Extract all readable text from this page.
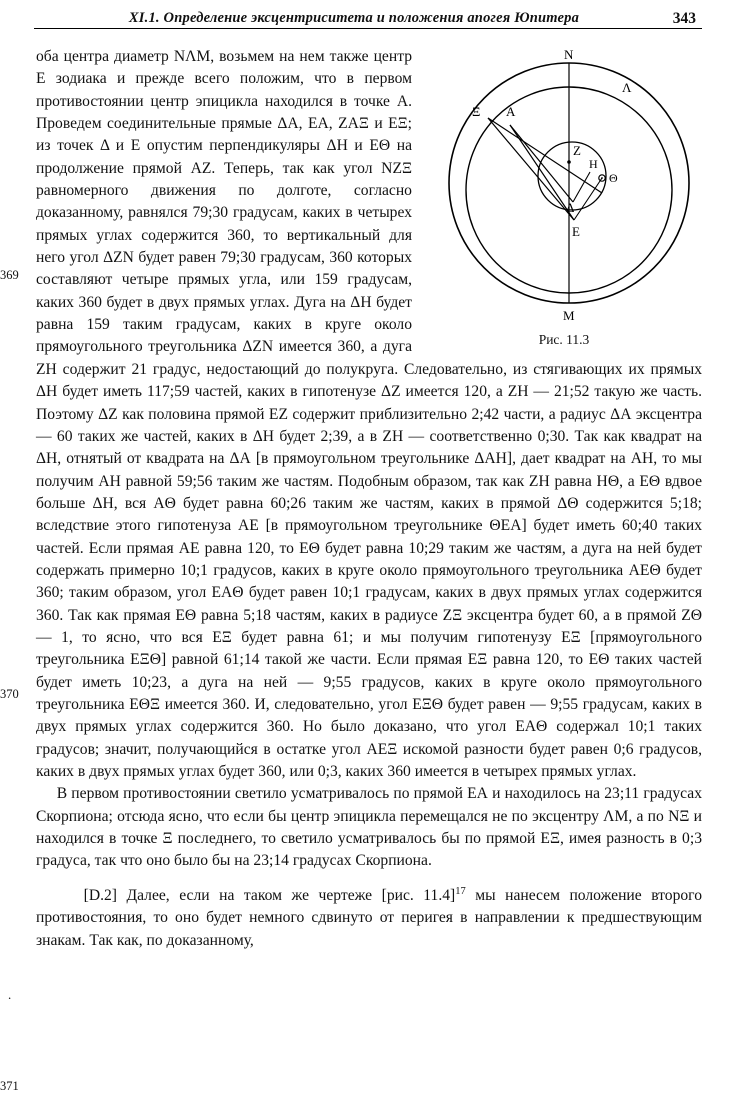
XI.1. Определение эксцентриситета и положения апогея Юпитера	343
369
370
371
.
N
Λ
Ξ A
Z
H
Θ
Δ
E
M
Рис. 11.3

оба центра диаметр NΛΜ, возьмем на нем также центр Ε зодиака и прежде всего положим, что в первом противостоянии центр эпицикла находился в точке А. Проведем соединительные прямые ΔА, ЕА, ZΑΞ и ЕΞ; из точек Δ и Ε опустим перпендикуляры ΔН и ЕΘ на продолжение прямой AZ. Теперь, так как угол NZΞ равномерного движения по долготе, согласно доказанному, равнялся 79;30 градусам, каких в четырех прямых углах содержится 360, то вертикальный для него угол ΔΖΝ будет равен 79;30 градусам, 360 которых составляют четыре прямых угла, или 159 градусам, каких 360 будет в двух прямых углах. Дуга на ΔН будет равна 159 таким градусам, каких в круге около прямоугольного треугольника ΔΖΝ имеется 360, а дуга ΖН содержит 21 градус, недостающий до полукруга. Следовательно, из стягивающих их прямых ΔН будет иметь 117;59 частей, каких в гипотенузе ΔΖ имеется 120, а ΖН — 21;52 такую же часть. Поэтому ΔΖ как половина прямой ЕΖ содержит приблизительно 2;42 части, а радиус ΔА эксцентра — 60 таких же частей, каких в ΔН будет 2;39, а в ΖН — соответственно 0;30. Так как квадрат на ΔН, отнятый от квадрата на ΔА [в прямоугольном треугольнике ΔАН], дает квадрат на АН, то мы получим АН равной 59;56 таким же частям. Подобным образом, так как ΖН равна НΘ, а ЕΘ вдвое больше ΔН, вся АΘ будет равна 60;26 таким же частям, каких в прямой ΔΘ содержится 5;18; вследствие этого гипотенуза АЕ [в прямоугольном треугольнике ΘЕА] будет иметь 60;40 таких частей. Если прямая АЕ равна 120, то ЕΘ будет равна 10;29 таким же частям, а дуга на ней будет содержать примерно 10;1 градусов, каких в круге около прямоугольного треугольника АЕΘ будет 360; таким образом, угол ЕАΘ будет равен 10;1 градусам, каких в двух прямых углах содержится 360. Так как прямая ЕΘ равна 5;18 частям, каких в радиусе ΖΞ эксцентра будет 60, а в прямой ΖΘ — 1, то ясно, что вся ЕΞ будет равна 61; и мы получим гипотенузу ЕΞ [прямоугольного треугольника ЕΞΘ] равной 61;14 такой же части. Если прямая ЕΞ равна 120, то ЕΘ таких частей будет иметь 10;23, а дуга на ней — 9;55 градусов, каких в круге около прямоугольного треугольника ЕΘΞ имеется 360. И, следовательно, угол ЕΞΘ будет равен — 9;55 градусам, каких в двух прямых углах содержится 360. Но было доказано, что угол ЕАΘ содержал 10;1 таких градусов; значит, получающийся в остатке угол АЕΞ искомой разности будет равен 0;6 градусов, каких в двух прямых углах будет 360, или 0;3, каких 360 имеется в четырех прямых углах.

В первом противостоянии светило усматривалось по прямой ЕА и находилось на 23;11 градусах Скорпиона; отсюда ясно, что если бы центр эпицикла перемещался не по эксцентру ΛΜ, а по NΞ и находился в точке Ξ последнего, то светило усматривалось бы по прямой ЕΞ, имея разность в 0;3 градуса, так что оно было бы на 23;14 градусах Скорпиона.

[D.2] Далее, если на таком же чертеже [рис. 11.4]$^{17}$ мы нанесем положение второго противостояния, то оно будет немного сдвинуто от перигея в направлении к предшествующим знакам. Так как, по доказанному,
